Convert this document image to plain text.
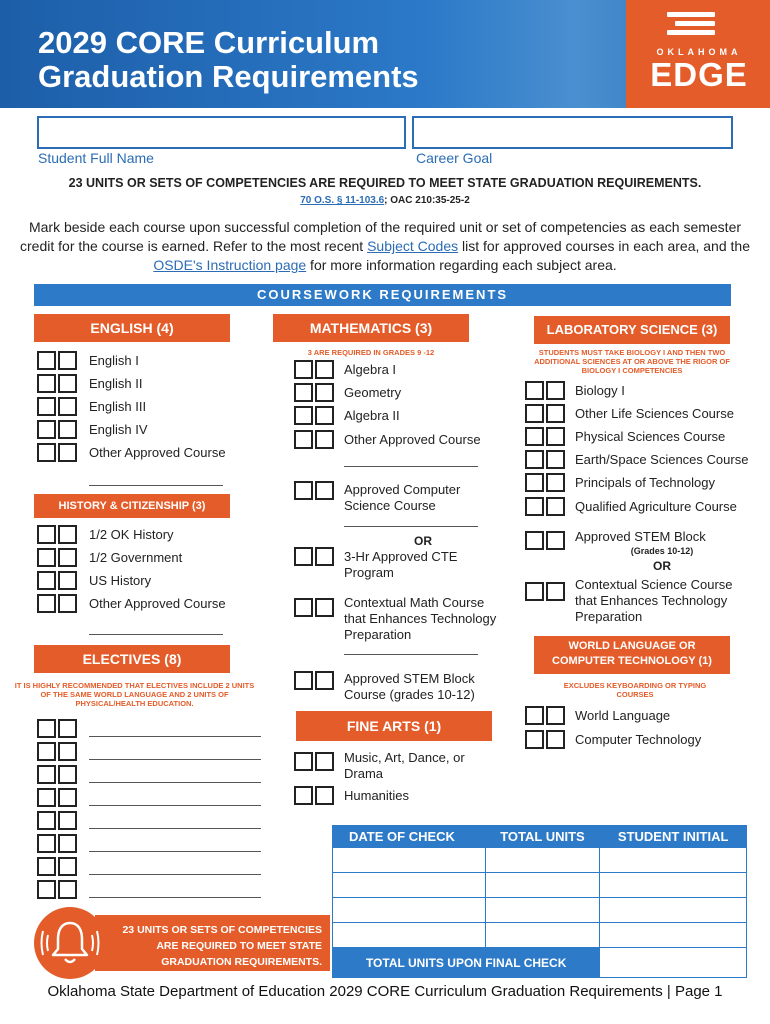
2029 CORE Curriculum
Graduation Requirements
OKLAHOMA
EDGE
Student Full Name	Career Goal
23 UNITS OR SETS OF COMPETENCIES ARE REQUIRED TO MEET STATE GRADUATION REQUIREMENTS.
70 O.S. § 11-103.6; OAC 210:35-25-2
Mark beside each course upon successful completion of the required unit or set of competencies as each semester credit for the course is earned. Refer to the most recent Subject Codes list for approved courses in each area, and the OSDE's Instruction page for more information regarding each subject area.
COURSEWORK REQUIREMENTS
ENGLISH (4)
English I
English II
English III
English IV
Other Approved Course
HISTORY & CITIZENSHIP (3)
1/2 OK History
1/2 Government
US History
Other Approved Course
ELECTIVES (8)
IT IS HIGHLY RECOMMENDED THAT ELECTIVES INCLUDE 2 UNITS OF THE SAME WORLD LANGUAGE AND 2 UNITS OF PHYSICAL/HEALTH EDUCATION.
MATHEMATICS (3)
3 ARE REQUIRED IN GRADES 9 -12
Algebra I
Geometry
Algebra II
Other Approved Course
Approved Computer Science Course
OR
3-Hr Approved CTE Program
Contextual Math Course that Enhances Technology Preparation
Approved STEM Block Course (grades 10-12)
FINE ARTS (1)
Music, Art, Dance, or Drama
Humanities
LABORATORY SCIENCE (3)
STUDENTS MUST TAKE BIOLOGY I AND THEN TWO ADDITIONAL SCIENCES AT OR ABOVE THE RIGOR OF BIOLOGY I COMPETENCIES
Biology I
Other Life Sciences Course
Physical Sciences Course
Earth/Space Sciences Course
Principals of Technology
Qualified Agriculture Course
Approved STEM Block
(Grades 10-12)
OR
Contextual Science Course that Enhances Technology Preparation
WORLD LANGUAGE OR
COMPUTER TECHNOLOGY (1)
EXCLUDES KEYBOARDING OR TYPING COURSES
World Language
Computer Technology
DATE OF CHECK	TOTAL UNITS	STUDENT INITIAL

TOTAL UNITS UPON FINAL CHECK		
23 UNITS OR SETS OF COMPETENCIES
ARE REQUIRED TO MEET STATE
GRADUATION REQUIREMENTS.
Oklahoma State Department of Education 2029 CORE Curriculum Graduation Requirements | Page 1
